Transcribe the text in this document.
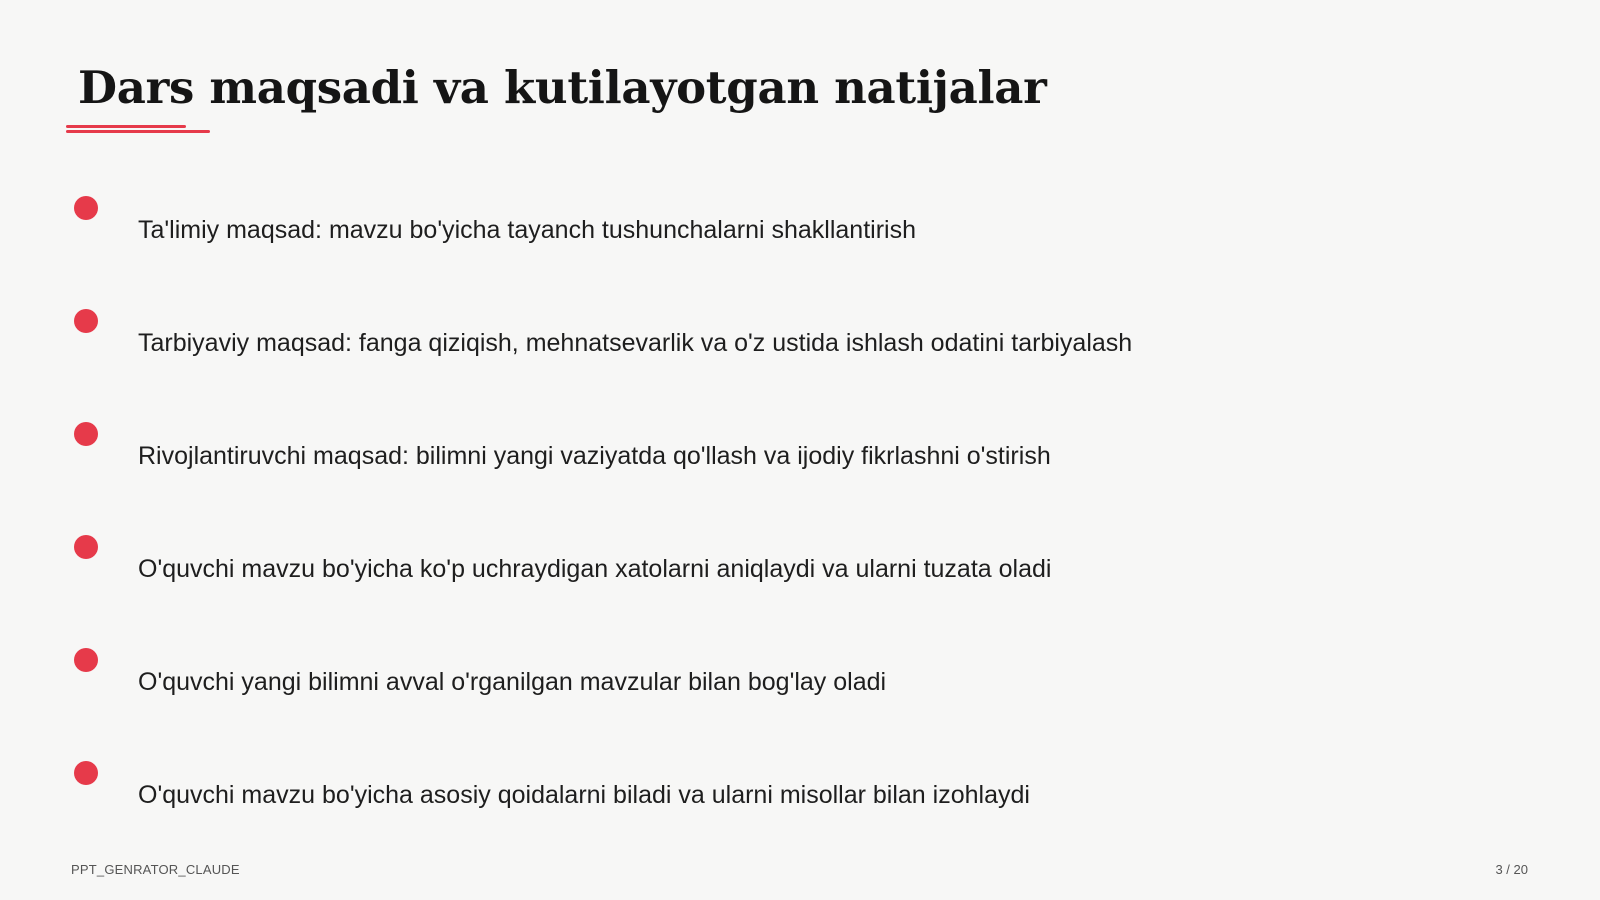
Dars maqsadi va kutilayotgan natijalar
Ta'limiy maqsad: mavzu bo'yicha tayanch tushunchalarni shakllantirish
Tarbiyaviy maqsad: fanga qiziqish, mehnatsevarlik va o'z ustida ishlash odatini tarbiyalash
Rivojlantiruvchi maqsad: bilimni yangi vaziyatda qo'llash va ijodiy fikrlashni o'stirish
O'quvchi mavzu bo'yicha ko'p uchraydigan xatolarni aniqlaydi va ularni tuzata oladi
O'quvchi yangi bilimni avval o'rganilgan mavzular bilan bog'lay oladi
O'quvchi mavzu bo'yicha asosiy qoidalarni biladi va ularni misollar bilan izohlaydi
PPT_GENRATOR_CLAUDE	3 / 20
